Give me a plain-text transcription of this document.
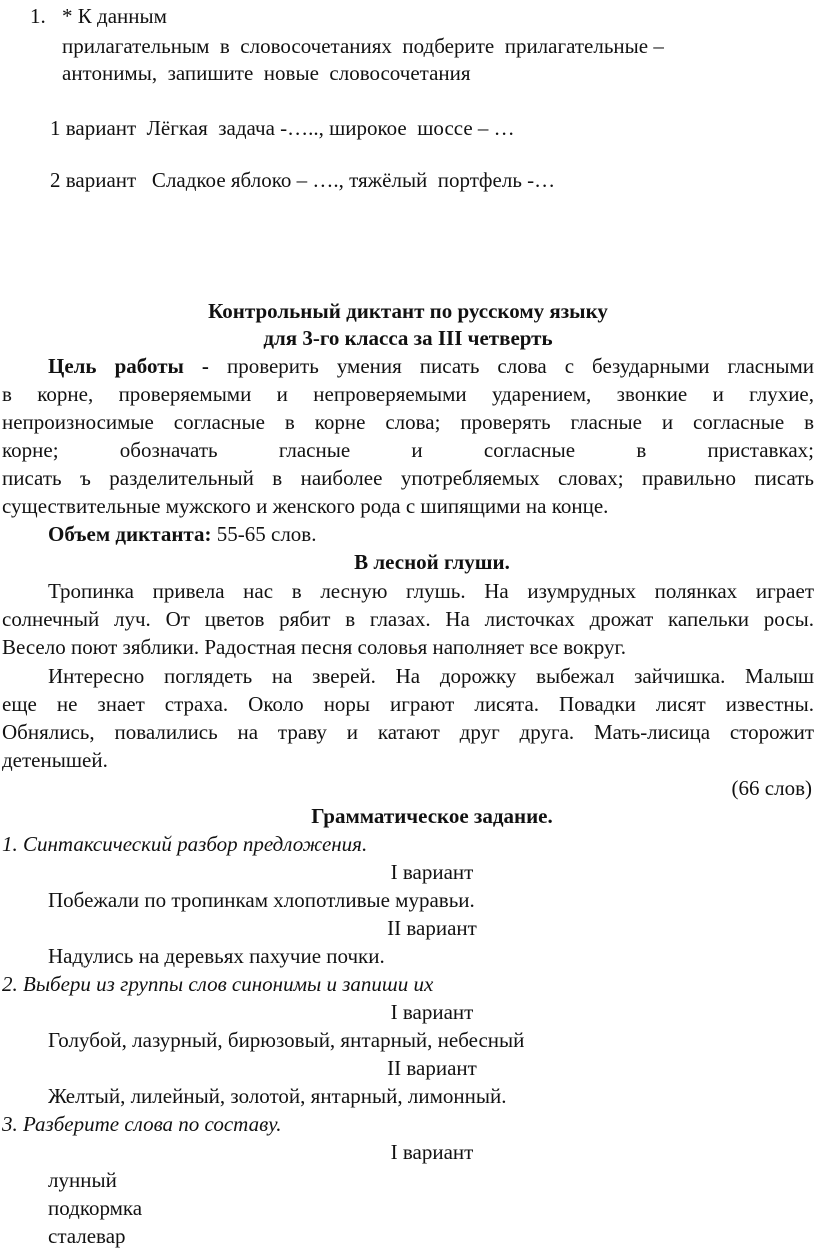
1. * К данным
прилагательным  в  словосочетаниях  подберите  прилагательные –
антонимы,  запишите  новые  словосочетания
1 вариант  Лёгкая  задача -….., широкое  шоссе – …
2 вариант   Сладкое яблоко – …., тяжёлый  портфель -…
Контрольный диктант по русскому языку
для 3-го класса за III четверть
Цель работы - проверить умения писать слова с безударными гласными
в корне, проверяемыми и непроверяемыми ударением, звонкие и глухие,
непроизносимые согласные в корне слова; проверять гласные и согласные в
корне; обозначать гласные и согласные в приставках;
писать ъ разделительный в наиболее употребляемых словах; правильно писать
существительные мужского и женского рода с шипящими на конце.
Объем диктанта: 55-65 слов.
В лесной глуши.
Тропинка привела нас в лесную глушь. На изумрудных полянках играет
солнечный луч. От цветов рябит в глазах. На листочках дрожат капельки росы.
Весело поют зяблики. Радостная песня соловья наполняет все вокруг.
Интересно поглядеть на зверей. На дорожку выбежал зайчишка. Малыш
еще не знает страха. Около норы играют лисята. Повадки лисят известны.
Обнялись, повалились на траву и катают друг друга. Мать-лисица сторожит
детенышей.
(66 слов)
Грамматическое задание.
1. Синтаксический разбор предложения.
I вариант
Побежали по тропинкам хлопотливые муравьи.
II вариант
Надулись на деревьях пахучие почки.
2. Выбери из группы слов синонимы и запиши их
I вариант
Голубой, лазурный, бирюзовый, янтарный, небесный
II вариант
Желтый, лилейный, золотой, янтарный, лимонный.
3. Разберите слова по составу.
I вариант
лунный
подкормка
сталевар
